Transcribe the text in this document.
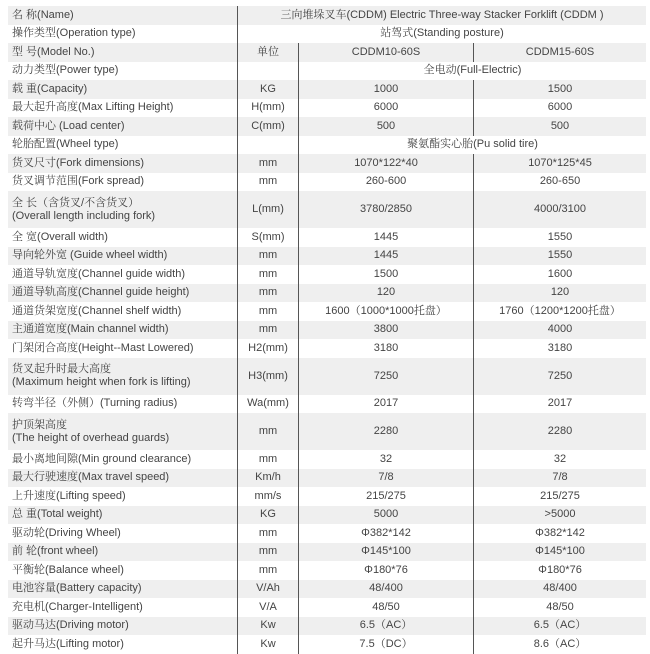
名 称(Name)	三向堆垛叉车(CDDM) Electric Three-way Stacker Forklift (CDDM )		
操作类型(Operation type)	站驾式(Standing posture)		
型 号(Model No.)	单位	CDDM10-60S	CDDM15-60S
动力类型(Power type)		全电动(Full-Electric)	
载 重(Capacity)	KG	1000	1500
最大起升高度(Max Lifting Height)	H(mm)	6000	6000
载荷中心 (Load center)	C(mm)	500	500
轮胎配置(Wheel type)		聚氨酯实心胎(Pu solid tire)	
货叉尺寸(Fork dimensions)	mm	1070*122*40	1070*125*45
货叉调节范围(Fork spread)	mm	260-600	260-650
全 长（含货叉/不含货叉）
(Overall length including fork)	L(mm)	3780/2850	4000/3100
全 宽(Overall width)	S(mm)	1445	1550
导向轮外宽 (Guide wheel width)	mm	1445	1550
通道导轨宽度(Channel guide width)	mm	1500	1600
通道导轨高度(Channel guide height)	mm	120	120
通道货架宽度(Channel shelf width)	mm	1600（1000*1000托盘）	1760（1200*1200托盘）
主通道宽度(Main channel width)	mm	3800	4000
门架闭合高度(Height--Mast Lowered)	H2(mm)	3180	3180
货叉起升时最大高度
(Maximum height when fork is lifting)	H3(mm)	7250	7250
转弯半径（外侧）(Turning radius)	Wa(mm)	2017	2017
护顶架高度
(The height of overhead guards)	mm	2280	2280
最小离地间隙(Min ground clearance)	mm	32	32
最大行驶速度(Max travel speed)	Km/h	7/8	7/8
上升速度(Lifting speed)	mm/s	215/275	215/275
总 重(Total weight)	KG	5000	>5000
驱动轮(Driving Wheel)	mm	Φ382*142	Φ382*142
前 轮(front wheel)	mm	Φ145*100	Φ145*100
平衡轮(Balance wheel)	mm	Φ180*76	Φ180*76
电池容量(Battery capacity)	V/Ah	48/400	48/400
充电机(Charger-Intelligent)	V/A	48/50	48/50
驱动马达(Driving motor)	Kw	6.5（AC）	6.5（AC）
起升马达(Lifting motor)	Kw	7.5（DC）	8.6（AC）
